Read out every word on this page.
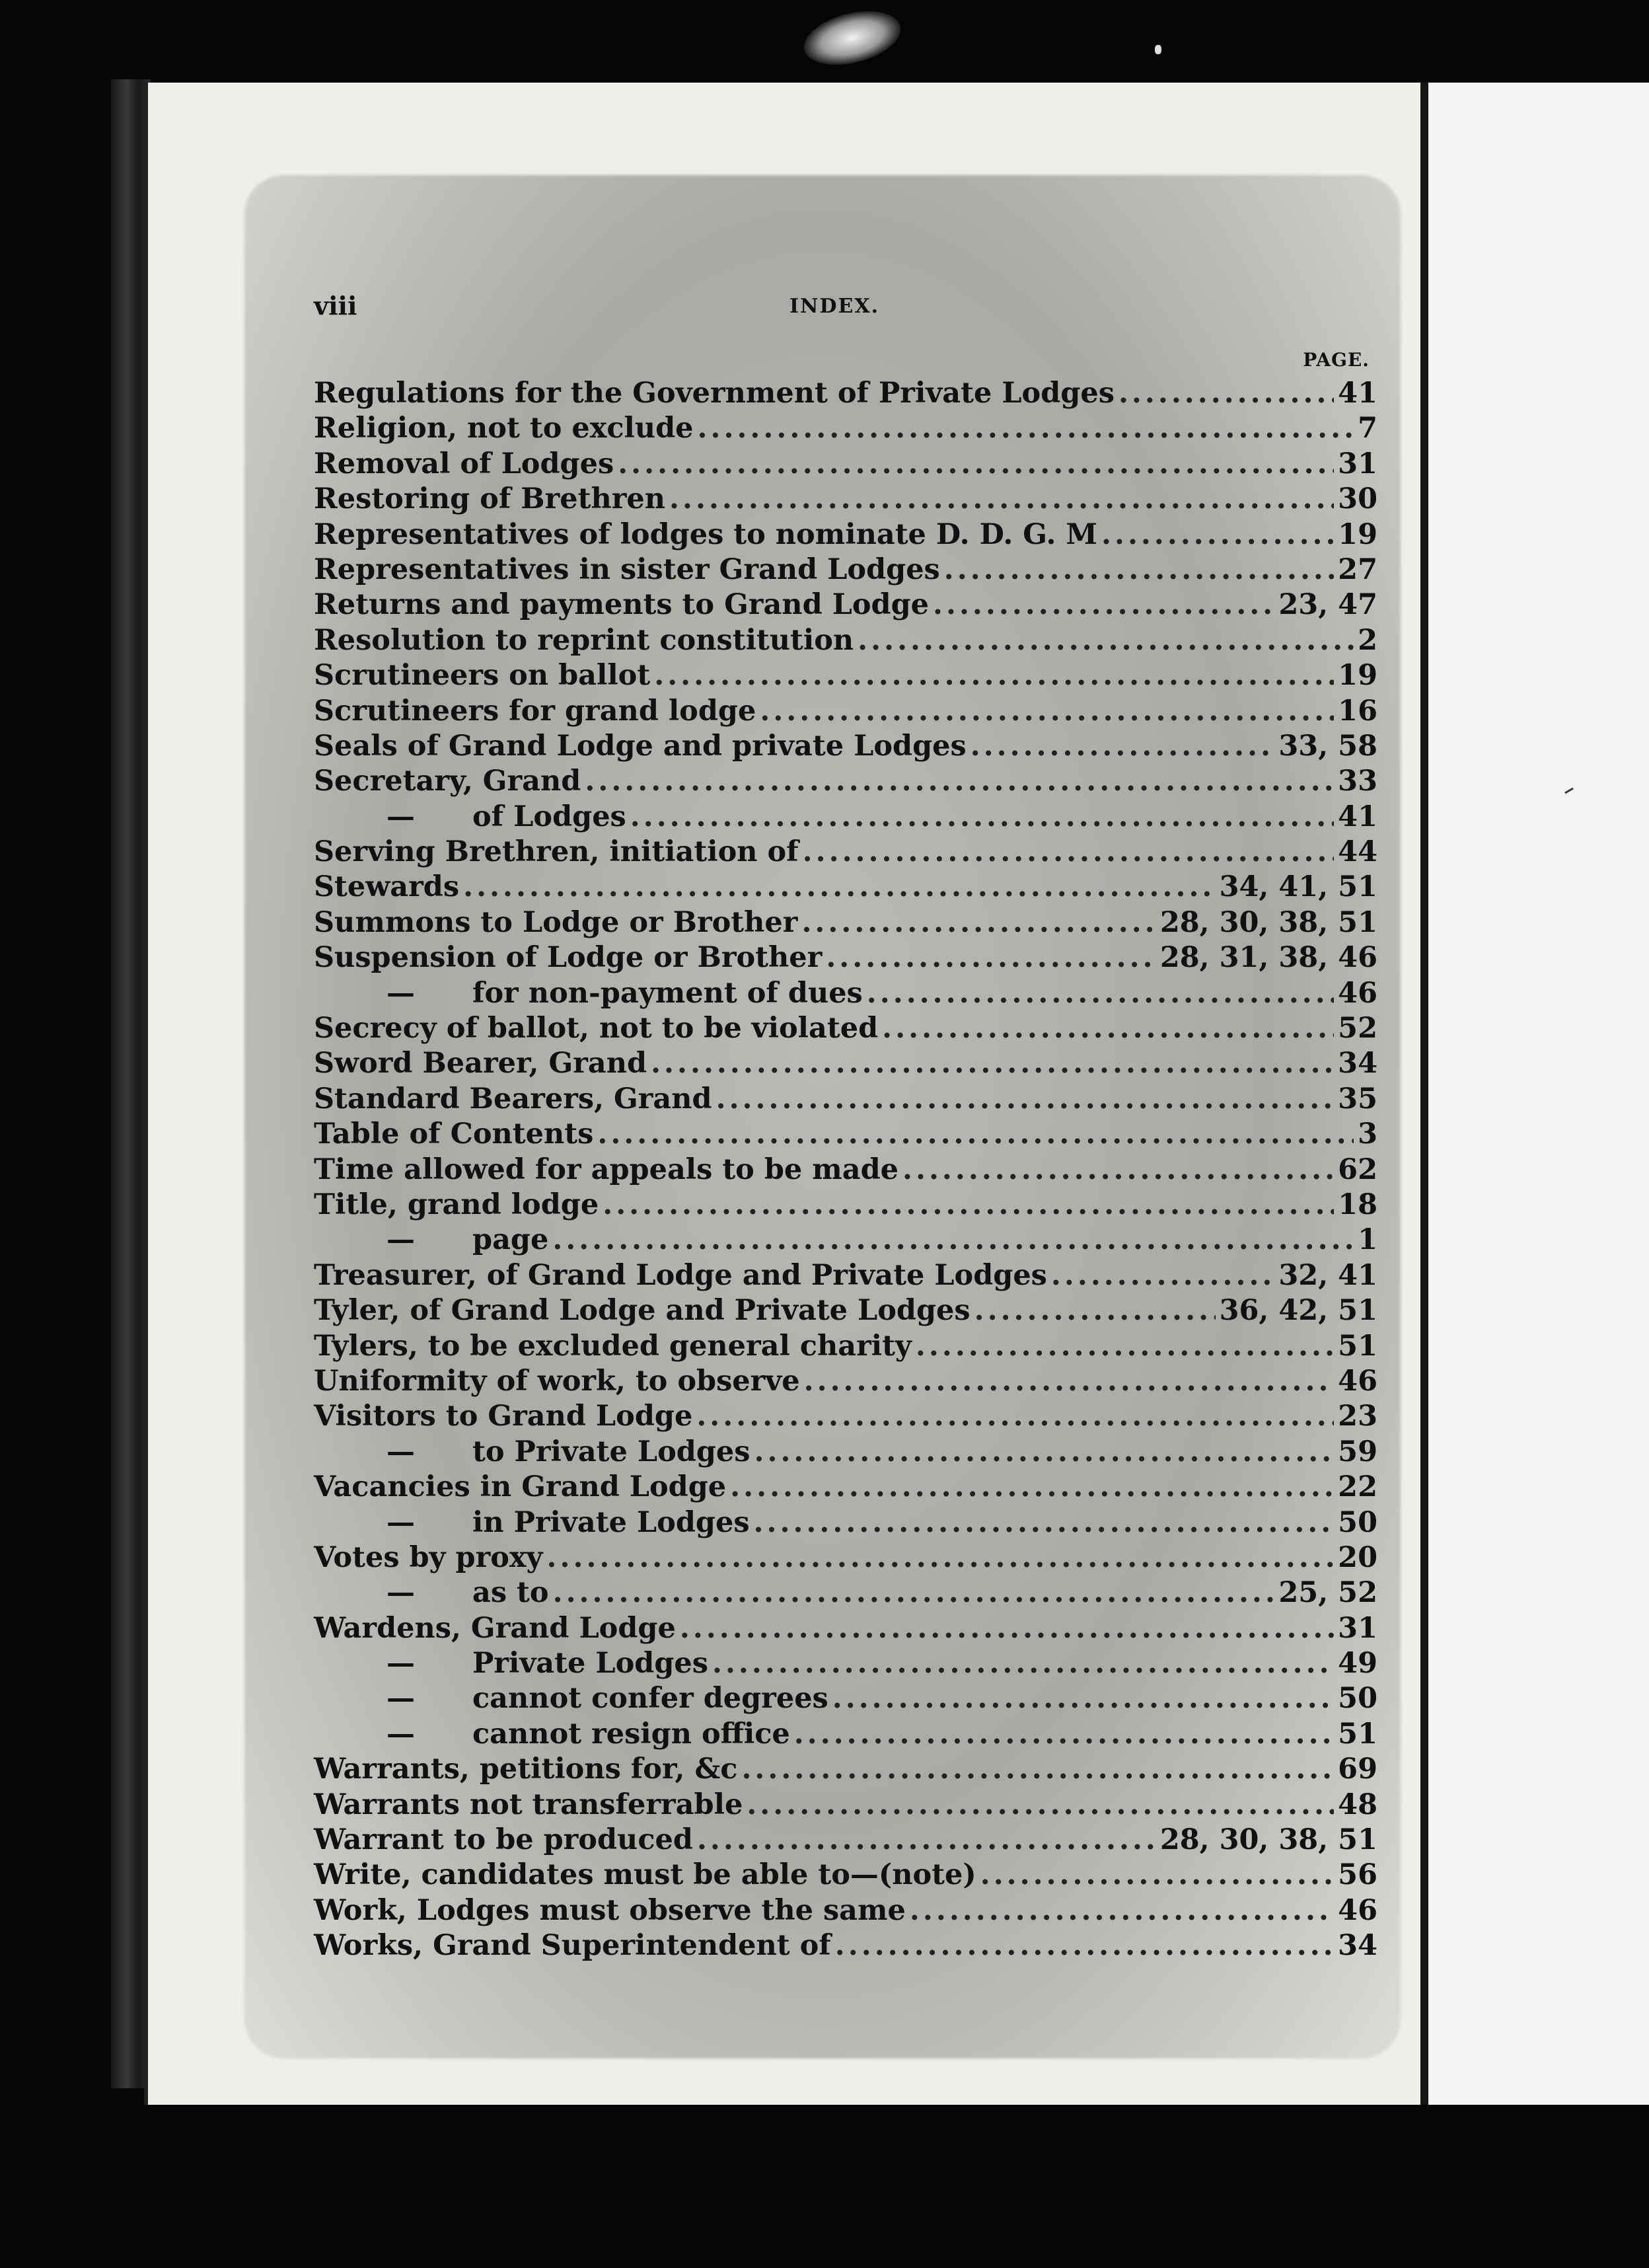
viii	INDEX.
PAGE.
Regulations for the Government of Private Lodges .....	41
Religion, not to exclude .....	7
Removal of Lodges .....	31
Restoring of Brethren .....	30
Representatives of lodges to nominate D. D. G. M .....	19
Representatives in sister Grand Lodges .....	27
Returns and payments to Grand Lodge .....	23, 47
Resolution to reprint constitution .....	2
Scrutineers on ballot .....	19
Scrutineers for grand lodge .....	16
Seals of Grand Lodge and private Lodges .....	33, 58
Secretary, Grand .....	33
—	of Lodges .....	41
Serving Brethren, initiation of .....	44
Stewards .....	34, 41, 51
Summons to Lodge or Brother .....	28, 30, 38, 51
Suspension of Lodge or Brother .....	28, 31, 38, 46
—	for non-payment of dues .....	46
Secrecy of ballot, not to be violated .....	52
Sword Bearer, Grand .....	34
Standard Bearers, Grand .....	35
Table of Contents .....	3
Time allowed for appeals to be made .....	62
Title, grand lodge .....	18
—	page .....	1
Treasurer, of Grand Lodge and Private Lodges .....	32, 41
Tyler, of Grand Lodge and Private Lodges .....	36, 42, 51
Tylers, to be excluded general charity .....	51
Uniformity of work, to observe .....	46
Visitors to Grand Lodge .....	23
—	to Private Lodges .....	59
Vacancies in Grand Lodge .....	22
—	in Private Lodges .....	50
Votes by proxy .....	20
—	as to .....	25, 52
Wardens, Grand Lodge .....	31
—	Private Lodges .....	49
—	cannot confer degrees .....	50
—	cannot resign office .....	51
Warrants, petitions for, &c .....	69
Warrants not transferrable .....	48
Warrant to be produced .....	28, 30, 38, 51
Write, candidates must be able to—(note) .....	56
Work, Lodges must observe the same .....	46
Works, Grand Superintendent of .....	34
